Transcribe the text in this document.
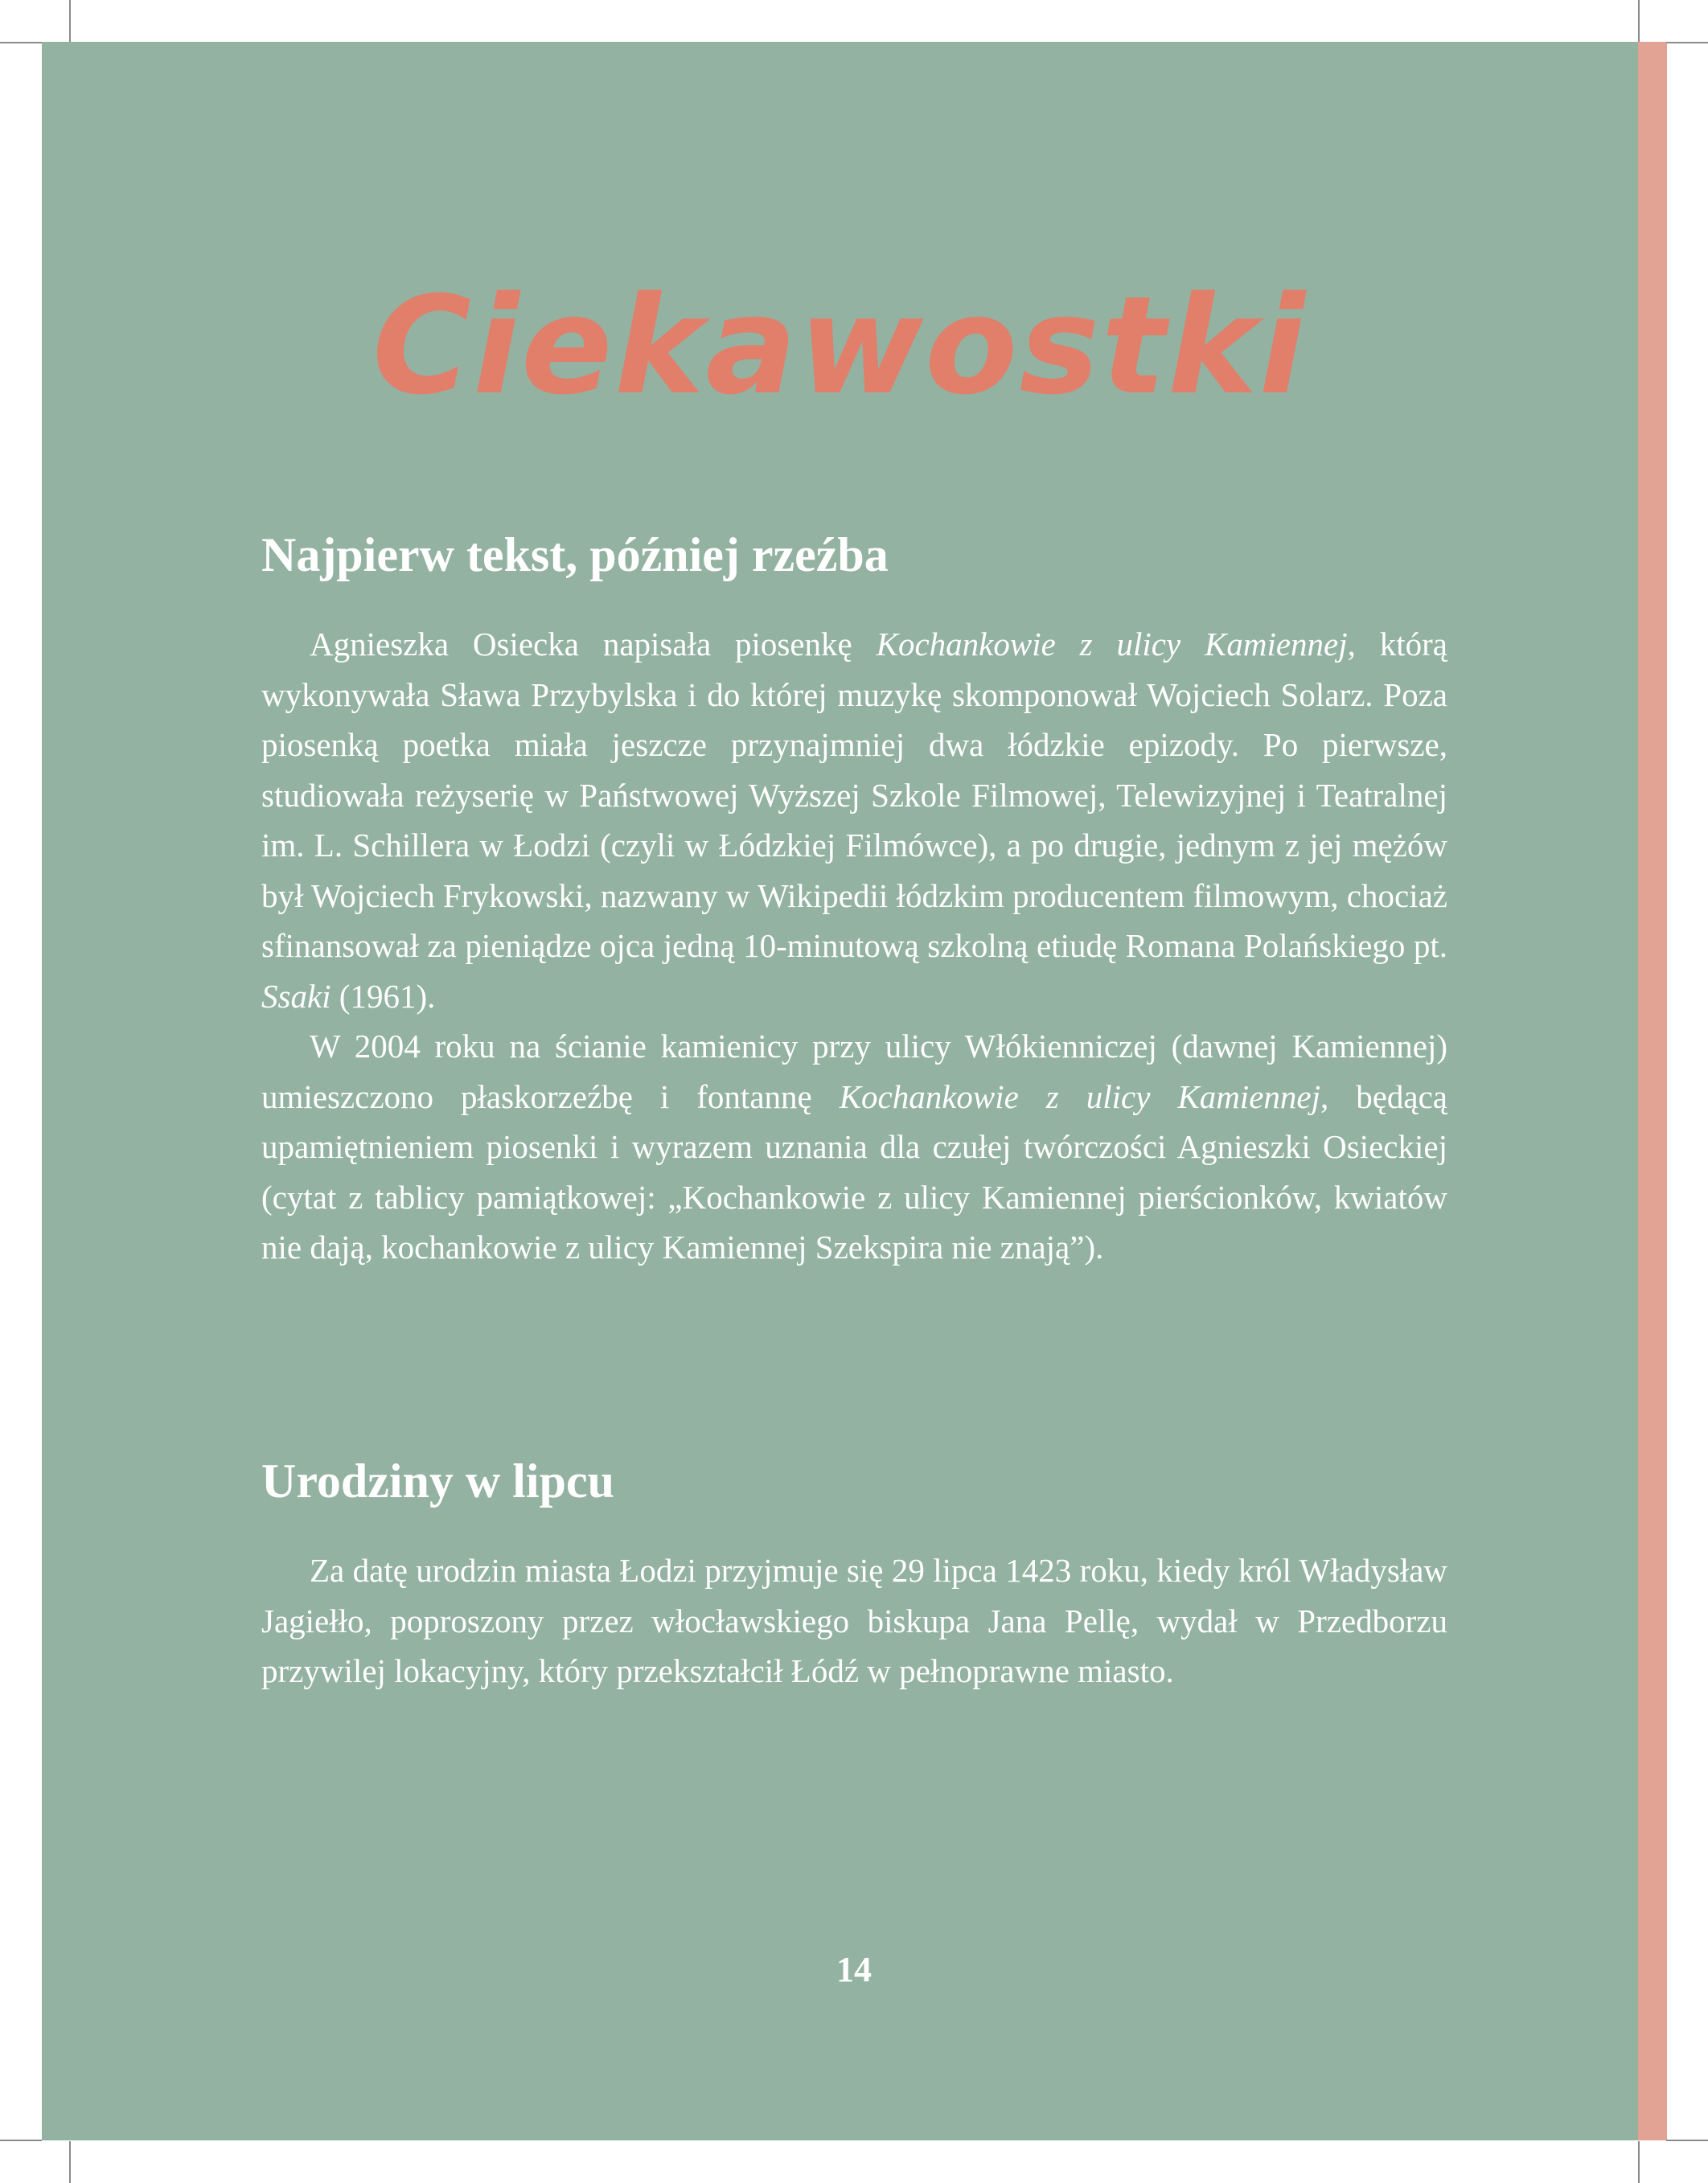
Ciekawostki
Najpierw tekst, później rzeźba

Agnieszka Osiecka napisała piosenkę Kochankowie z ulicy Kamiennej, którą wykonywała Sława Przybylska i do której muzykę skomponował Wojciech Solarz. Poza piosenką poetka miała jeszcze przynajmniej dwa łódzkie epizody. Po pierwsze, studiowała reżyserię w Państwowej Wyższej Szkole Filmowej, Telewizyjnej i Teatralnej im. L. Schillera w Łodzi (czyli w Łódzkiej Filmówce), a po drugie, jednym z jej mężów był Wojciech Frykowski, nazwany w Wikipedii łódzkim producentem filmowym, chociaż sfinansował za pieniądze ojca jedną 10-minutową szkolną etiudę Romana Polańskiego pt. Ssaki (1961).

W 2004 roku na ścianie kamienicy przy ulicy Włókienniczej (dawnej Kamiennej) umieszczono płaskorzeźbę i fontannę Kochankowie z ulicy Kamiennej, będącą upamiętnieniem piosenki i wyrazem uznania dla czułej twórczości Agnieszki Osieckiej (cytat z tablicy pamiątkowej: „Kochankowie z ulicy Kamiennej pierścionków, kwiatów nie dają, kochankowie z ulicy Kamiennej Szekspira nie znają”).

Urodziny w lipcu

Za datę urodzin miasta Łodzi przyjmuje się 29 lipca 1423 roku, kiedy król Władysław Jagiełło, poproszony przez włocławskiego biskupa Jana Pellę, wydał w Przedborzu przywilej lokacyjny, który przekształcił Łódź w pełnoprawne miasto.

14
